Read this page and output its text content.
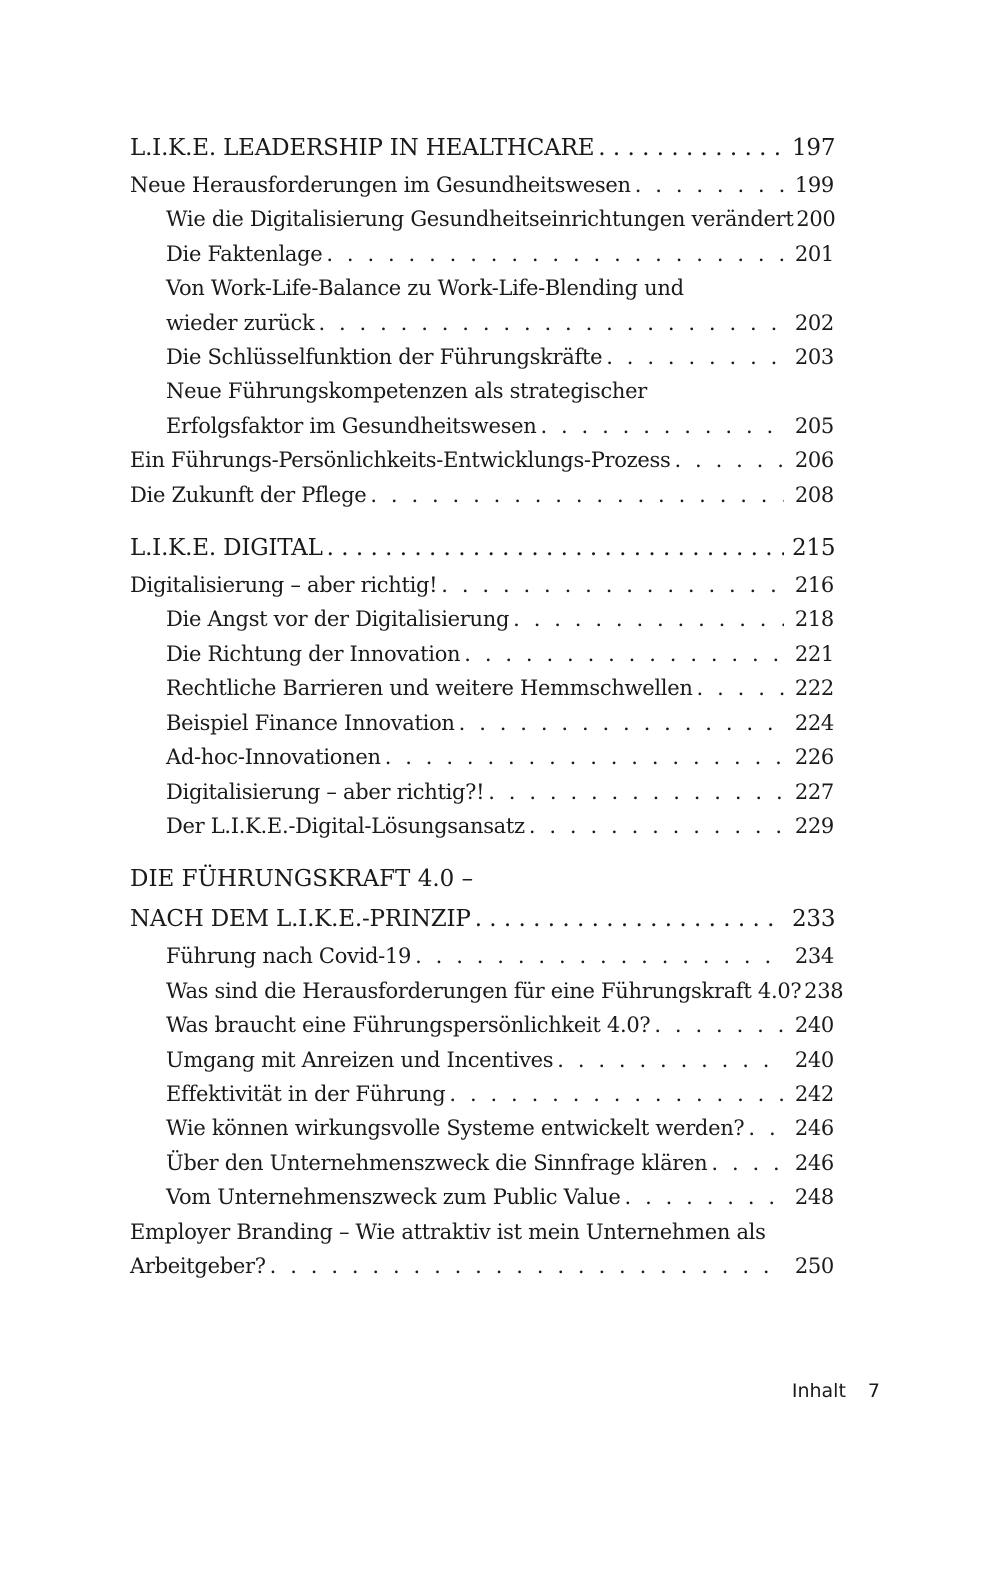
L.I.K.E. LEADERSHIP IN HEALTHCARE . . .	197
Neue Herausforderungen im Gesundheitswesen . . .	199
Wie die Digitalisierung Gesundheitseinrichtungen verändert 200
Die Faktenlage . . .	201
Von Work-Life-Balance zu Work-Life-Blending und
wieder zurück . . .	202
Die Schlüsselfunktion der Führungskräfte . . .	203
Neue Führungskompetenzen als strategischer
Erfolgsfaktor im Gesundheitswesen . . .	205
Ein Führungs-Persönlichkeits-Entwicklungs-Prozess . . .	206
Die Zukunft der Pflege . . .	208
L.I.K.E. DIGITAL . . .	215
Digitalisierung – aber richtig! . . .	216
Die Angst vor der Digitalisierung . . .	218
Die Richtung der Innovation . . .	221
Rechtliche Barrieren und weitere Hemmschwellen . . .	222
Beispiel Finance Innovation . . .	224
Ad-hoc-Innovationen . . .	226
Digitalisierung – aber richtig?! . . .	227
Der L.I.K.E.-Digital-Lösungsansatz . . .	229
DIE FÜHRUNGSKRAFT 4.0 –
NACH DEM L.I.K.E.-PRINZIP . . .	233
Führung nach Covid-19 . . .	234
Was sind die Herausforderungen für eine Führungskraft 4.0? 238
Was braucht eine Führungspersönlichkeit 4.0? . . .	240
Umgang mit Anreizen und Incentives . . .	240
Effektivität in der Führung . . .	242
Wie können wirkungsvolle Systeme entwickelt werden? . . . 246
Über den Unternehmenszweck die Sinnfrage klären . . .	246
Vom Unternehmenszweck zum Public Value . . .	248
Employer Branding – Wie attraktiv ist mein Unternehmen als
Arbeitgeber? . . .	250
Inhalt 7
